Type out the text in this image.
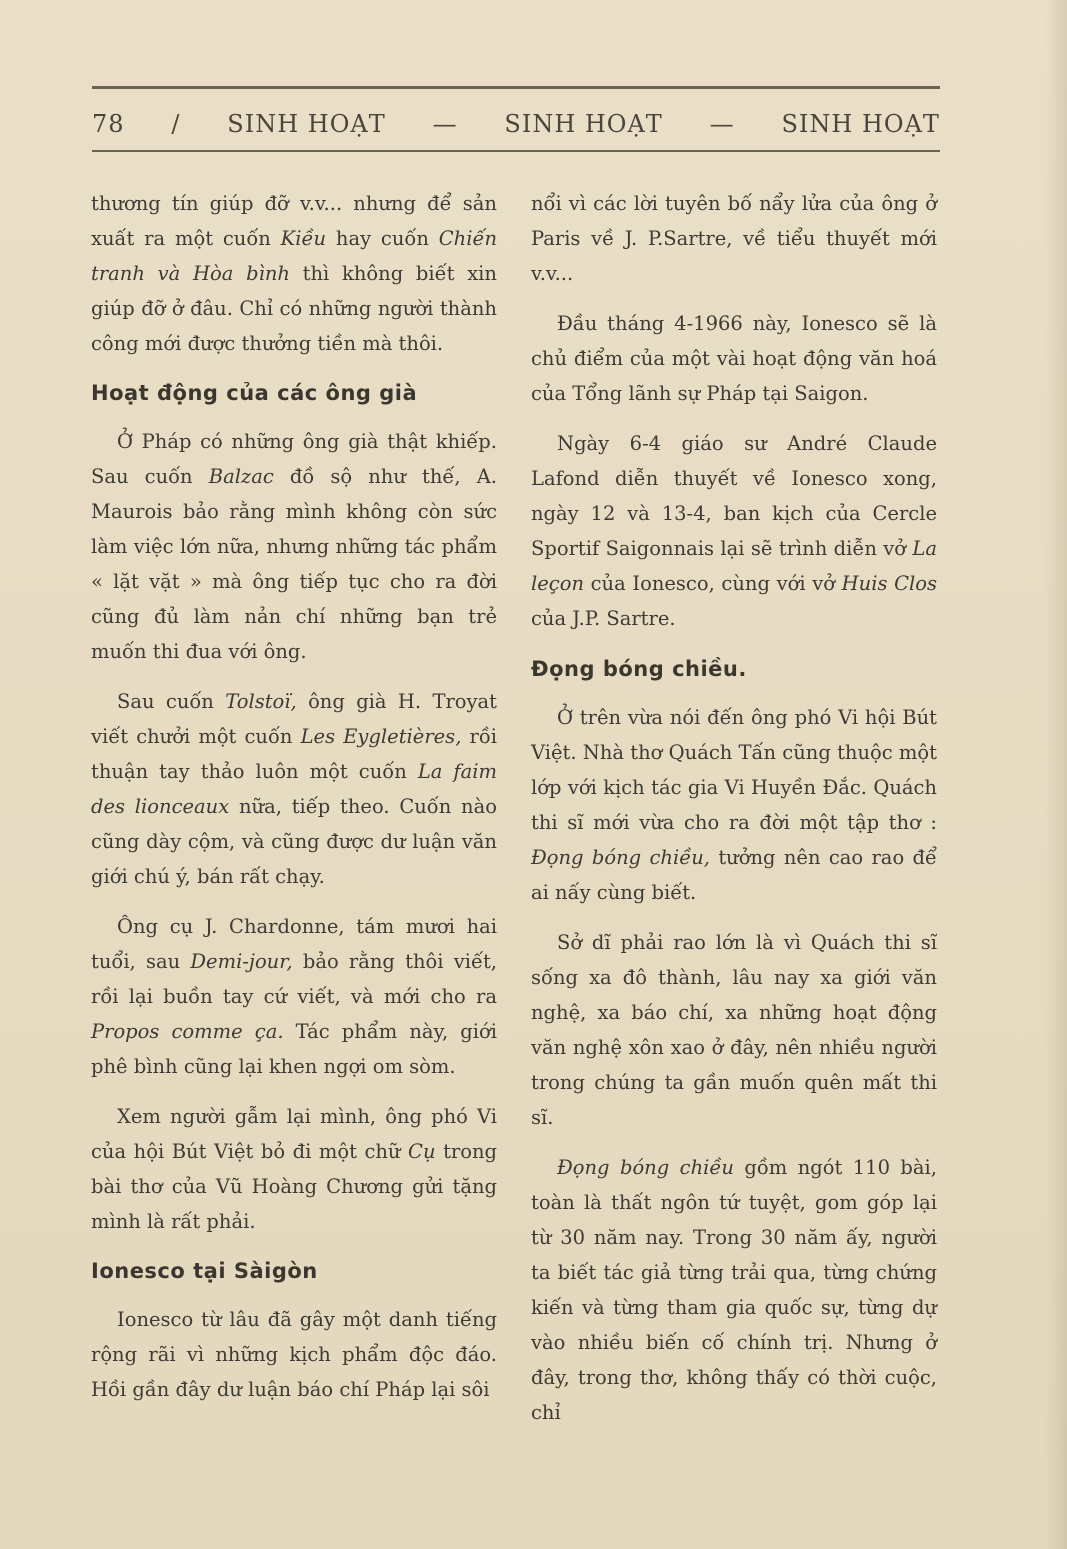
78 / SINH HOẠT — SINH HOẠT — SINH HOẠT

thương tín giúp đỡ v.v... nhưng để sản xuất ra một cuốn Kiều hay cuốn Chiến tranh và Hòa bình thì không biết xin giúp đỡ ở đâu. Chỉ có những người thành công mới được thưởng tiền mà thôi.

Hoạt động của các ông già

Ở Pháp có những ông già thật khiếp. Sau cuốn Balzac đồ sộ như thế, A. Maurois bảo rằng mình không còn sức làm việc lớn nữa, nhưng những tác phẩm « lặt vặt » mà ông tiếp tục cho ra đời cũng đủ làm nản chí những bạn trẻ muốn thi đua với ông.

Sau cuốn Tolstoï, ông già H. Troyat viết chưởi một cuốn Les Eygletières, rồi thuận tay thảo luôn một cuốn La faim des lionceaux nữa, tiếp theo. Cuốn nào cũng dày cộm, và cũng được dư luận văn giới chú ý, bán rất chạy.

Ông cụ J. Chardonne, tám mươi hai tuổi, sau Demi-jour, bảo rằng thôi viết, rồi lại buồn tay cứ viết, và mới cho ra Propos comme ça. Tác phẩm này, giới phê bình cũng lại khen ngợi om sòm.

Xem người gẫm lại mình, ông phó Vi của hội Bút Việt bỏ đi một chữ Cụ trong bài thơ của Vũ Hoàng Chương gửi tặng mình là rất phải.

Ionesco tại Sàigòn

Ionesco từ lâu đã gây một danh tiếng rộng rãi vì những kịch phẩm độc đáo. Hồi gần đây dư luận báo chí Pháp lại sôi

nổi vì các lời tuyên bố nẩy lửa của ông ở Paris về J. P.Sartre, về tiểu thuyết mới v.v...

Đầu tháng 4-1966 này, Ionesco sẽ là chủ điểm của một vài hoạt động văn hoá của Tổng lãnh sự Pháp tại Saigon.

Ngày 6-4 giáo sư André Claude Lafond diễn thuyết về Ionesco xong, ngày 12 và 13-4, ban kịch của Cercle Sportif Saigonnais lại sẽ trình diễn vở La leçon của Ionesco, cùng với vở Huis Clos của J.P. Sartre.

Đọng bóng chiều.

Ở trên vừa nói đến ông phó Vi hội Bút Việt. Nhà thơ Quách Tấn cũng thuộc một lớp với kịch tác gia Vi Huyền Đắc. Quách thi sĩ mới vừa cho ra đời một tập thơ : Đọng bóng chiều, tưởng nên cao rao để ai nấy cùng biết.

Sở dĩ phải rao lớn là vì Quách thi sĩ sống xa đô thành, lâu nay xa giới văn nghệ, xa báo chí, xa những hoạt động văn nghệ xôn xao ở đây, nên nhiều người trong chúng ta gần muốn quên mất thi sĩ.

Đọng bóng chiều gồm ngót 110 bài, toàn là thất ngôn tứ tuyệt, gom góp lại từ 30 năm nay. Trong 30 năm ấy, người ta biết tác giả từng trải qua, từng chứng kiến và từng tham gia quốc sự, từng dự vào nhiều biến cố chính trị. Nhưng ở đây, trong thơ, không thấy có thời cuộc, chỉ
